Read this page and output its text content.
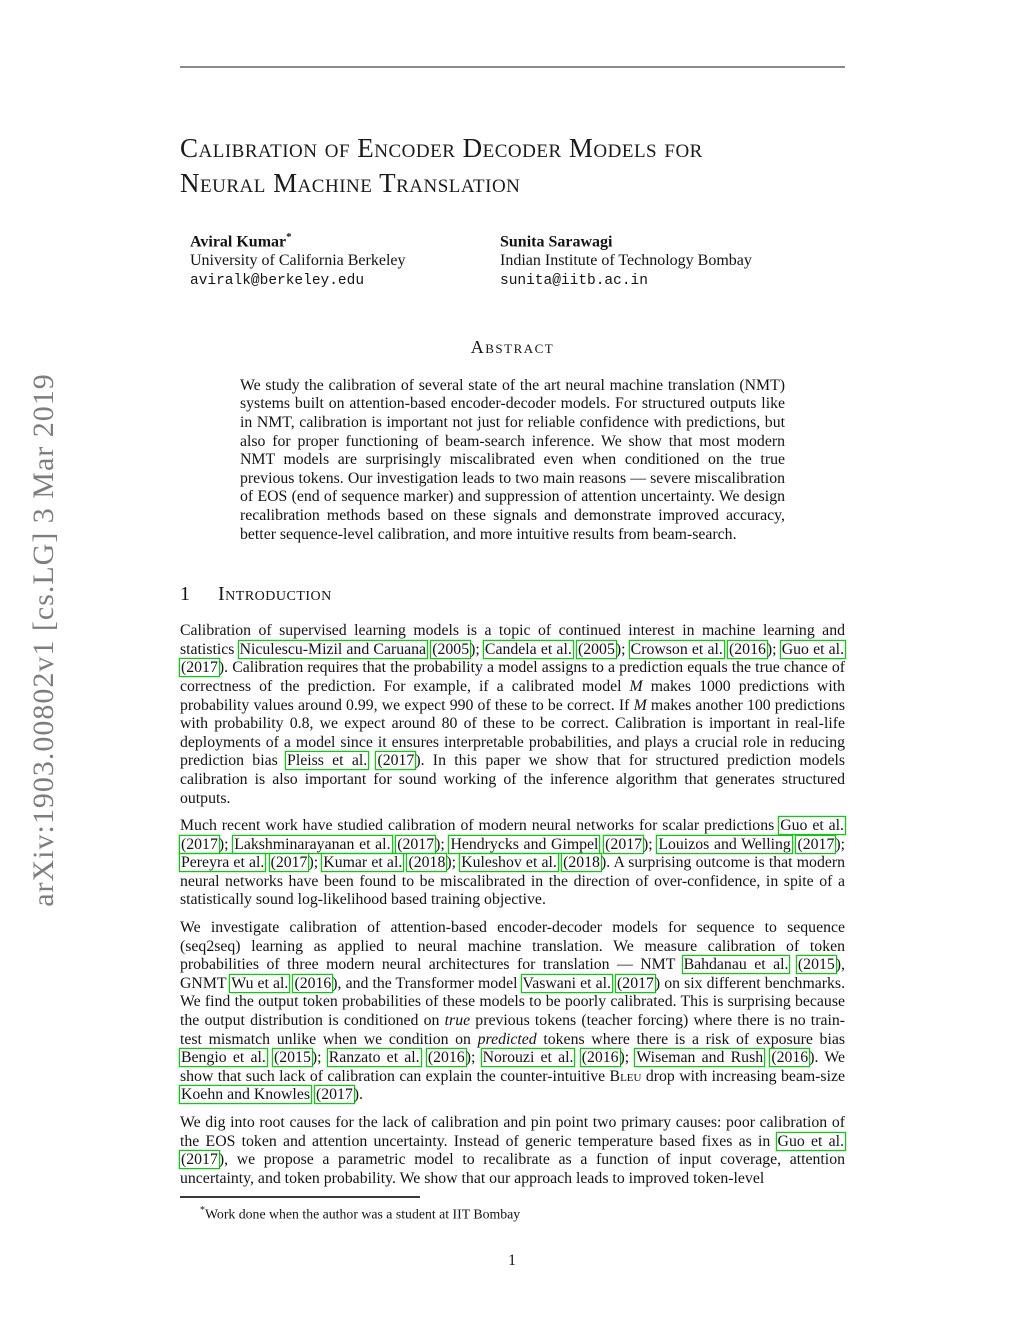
arXiv:1903.00802v1 [cs.LG] 3 Mar 2019
Calibration of Encoder Decoder Models for
Neural Machine Translation
Aviral Kumar*
University of California Berkeley
aviralk@berkeley.edu
Sunita Sarawagi
Indian Institute of Technology Bombay
sunita@iitb.ac.in
Abstract

We study the calibration of several state of the art neural machine translation (NMT) systems built on attention-based encoder-decoder models. For structured outputs like in NMT, calibration is important not just for reliable confidence with predictions, but also for proper functioning of beam-search inference. We show that most modern NMT models are surprisingly miscalibrated even when conditioned on the true previous tokens. Our investigation leads to two main reasons — severe miscalibration of EOS (end of sequence marker) and suppression of attention uncertainty. We design recalibration methods based on these signals and demonstrate improved accuracy, better sequence-level calibration, and more intuitive results from beam-search.

1 Introduction

Calibration of supervised learning models is a topic of continued interest in machine learning and statistics Niculescu-Mizil and Caruana (2005); Candela et al. (2005); Crowson et al. (2016); Guo et al. (2017). Calibration requires that the probability a model assigns to a prediction equals the true chance of correctness of the prediction. For example, if a calibrated model M makes 1000 predictions with probability values around 0.99, we expect 990 of these to be correct. If M makes another 100 predictions with probability 0.8, we expect around 80 of these to be correct. Calibration is important in real-life deployments of a model since it ensures interpretable probabilities, and plays a crucial role in reducing prediction bias Pleiss et al. (2017). In this paper we show that for structured prediction models calibration is also important for sound working of the inference algorithm that generates structured outputs.

Much recent work have studied calibration of modern neural networks for scalar predictions Guo et al. (2017); Lakshminarayanan et al. (2017); Hendrycks and Gimpel (2017); Louizos and Welling (2017); Pereyra et al. (2017); Kumar et al. (2018); Kuleshov et al. (2018). A surprising outcome is that modern neural networks have been found to be miscalibrated in the direction of over-confidence, in spite of a statistically sound log-likelihood based training objective.

We investigate calibration of attention-based encoder-decoder models for sequence to sequence (seq2seq) learning as applied to neural machine translation. We measure calibration of token probabilities of three modern neural architectures for translation — NMT Bahdanau et al. (2015), GNMT Wu et al. (2016), and the Transformer model Vaswani et al. (2017) on six different benchmarks. We find the output token probabilities of these models to be poorly calibrated. This is surprising because the output distribution is conditioned on true previous tokens (teacher forcing) where there is no train-test mismatch unlike when we condition on predicted tokens where there is a risk of exposure bias Bengio et al. (2015); Ranzato et al. (2016); Norouzi et al. (2016); Wiseman and Rush (2016). We show that such lack of calibration can explain the counter-intuitive Bleu drop with increasing beam-size Koehn and Knowles (2017).

We dig into root causes for the lack of calibration and pin point two primary causes: poor calibration of the EOS token and attention uncertainty. Instead of generic temperature based fixes as in Guo et al. (2017), we propose a parametric model to recalibrate as a function of input coverage, attention uncertainty, and token probability. We show that our approach leads to improved token-level

*Work done when the author was a student at IIT Bombay

1
